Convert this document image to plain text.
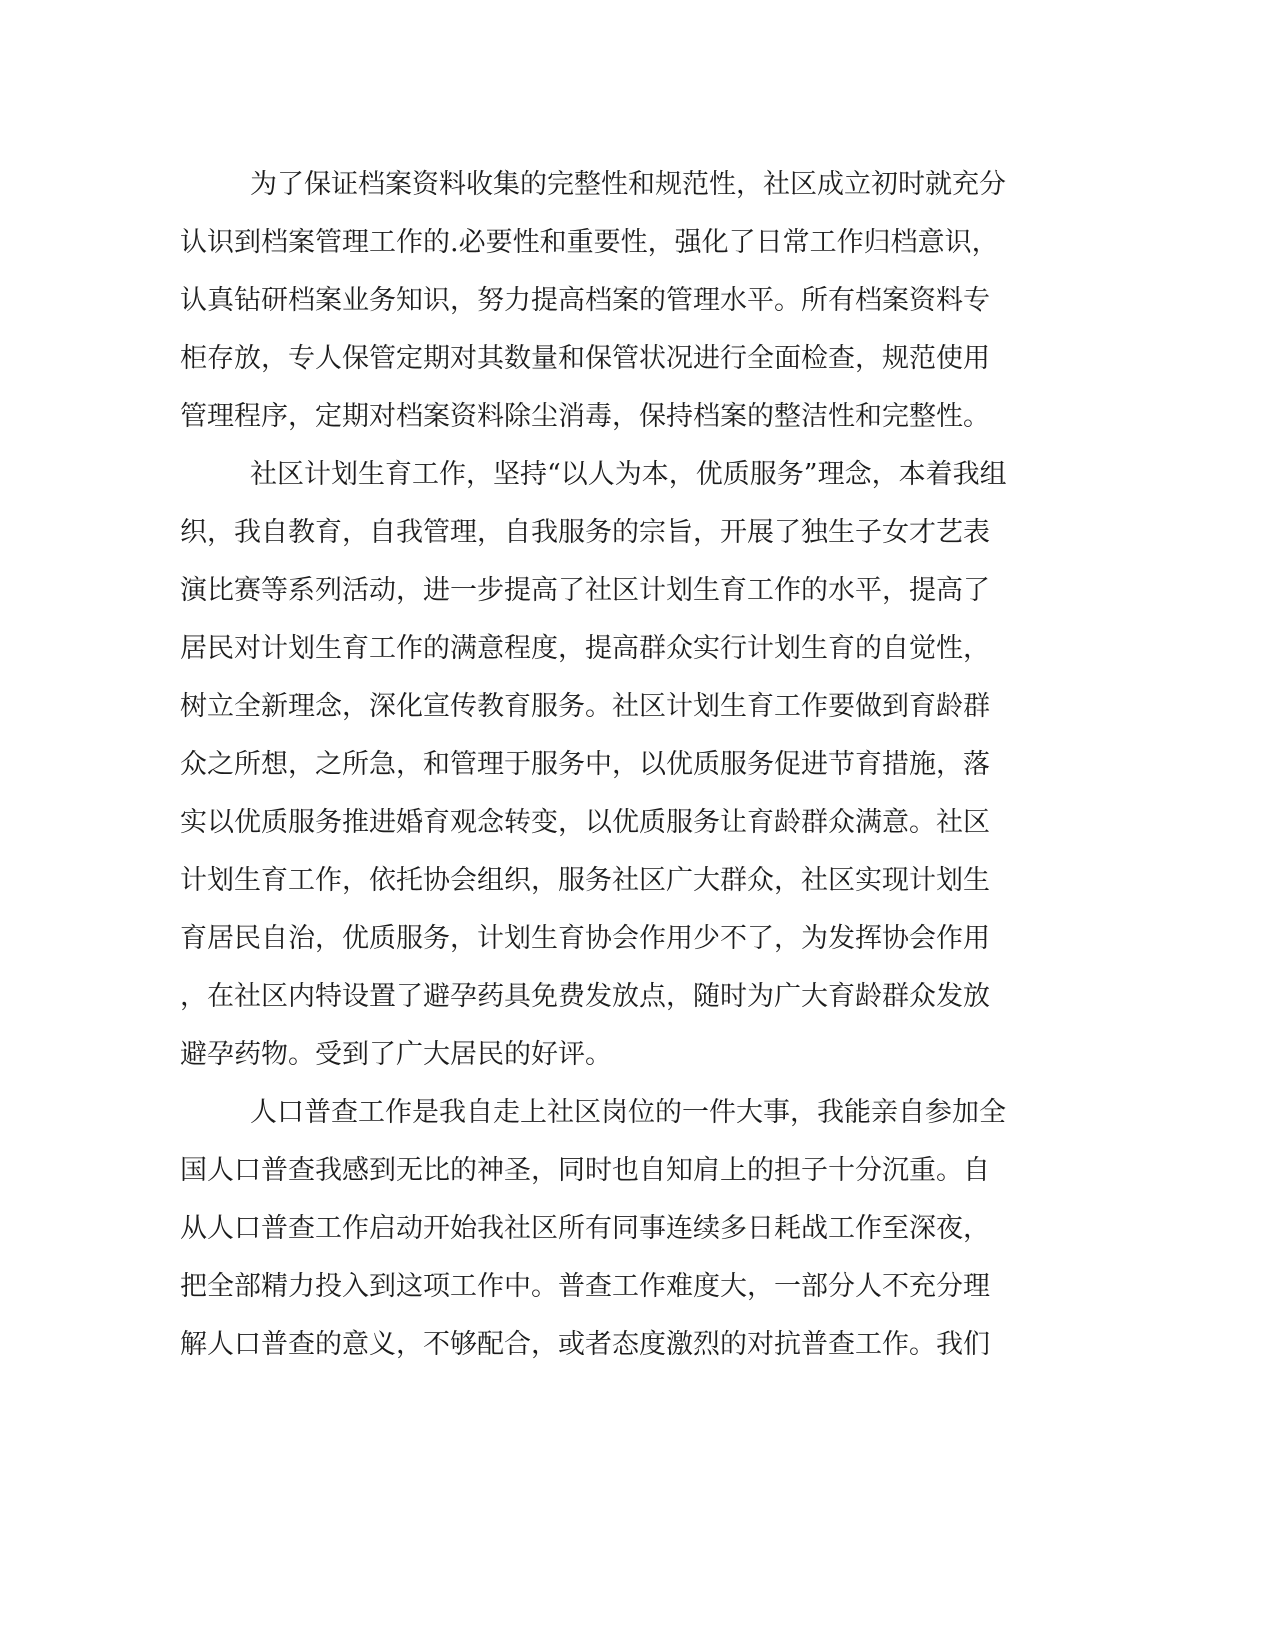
为了保证档案资料收集的完整性和规范性，社区成立初时就充分
认识到档案管理工作的.必要性和重要性，强化了日常工作归档意识，
认真钻研档案业务知识，努力提高档案的管理水平。所有档案资料专
柜存放，专人保管定期对其数量和保管状况进行全面检查，规范使用
管理程序，定期对档案资料除尘消毒，保持档案的整洁性和完整性。
社区计划生育工作，坚持“以人为本，优质服务”理念，本着我组
织，我自教育，自我管理，自我服务的宗旨，开展了独生子女才艺表
演比赛等系列活动，进一步提高了社区计划生育工作的水平，提高了
居民对计划生育工作的满意程度，提高群众实行计划生育的自觉性，
树立全新理念，深化宣传教育服务。社区计划生育工作要做到育龄群
众之所想，之所急，和管理于服务中，以优质服务促进节育措施，落
实以优质服务推进婚育观念转变，以优质服务让育龄群众满意。社区
计划生育工作，依托协会组织，服务社区广大群众，社区实现计划生
育居民自治，优质服务，计划生育协会作用少不了，为发挥协会作用
，在社区内特设置了避孕药具免费发放点，随时为广大育龄群众发放
避孕药物。受到了广大居民的好评。
人口普查工作是我自走上社区岗位的一件大事，我能亲自参加全
国人口普查我感到无比的神圣，同时也自知肩上的担子十分沉重。自
从人口普查工作启动开始我社区所有同事连续多日耗战工作至深夜，
把全部精力投入到这项工作中。普查工作难度大，一部分人不充分理
解人口普查的意义，不够配合，或者态度激烈的对抗普查工作。我们
